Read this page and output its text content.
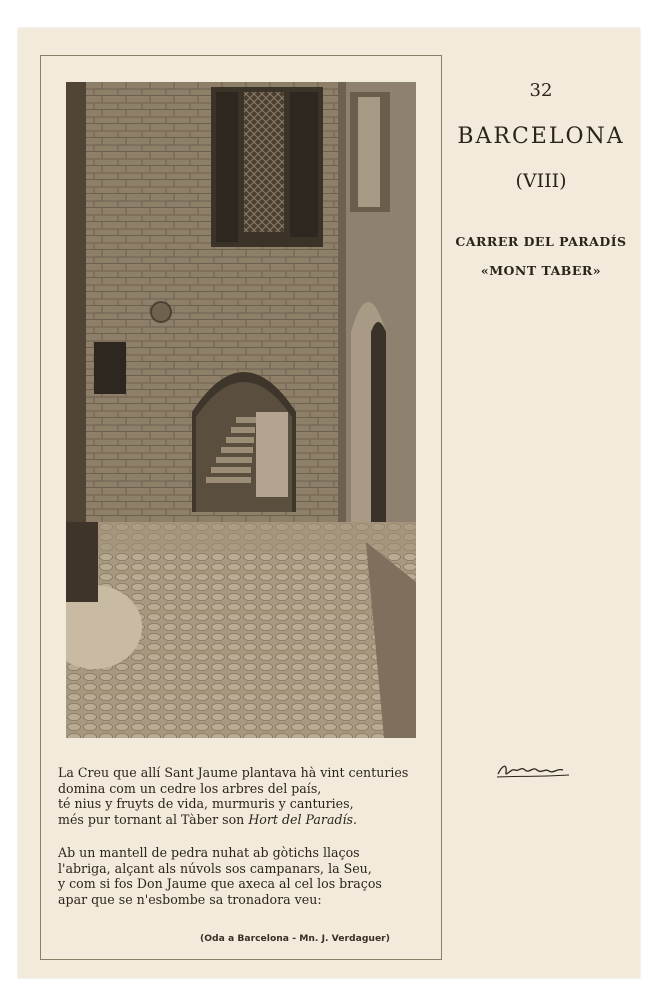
La Creu que allí Sant Jaume plantava hà vint centuries
domina com un cedre los arbres del país,
té nius y fruyts de vida, murmuris y canturies,
més pur tornant al Tàber son Hort del Paradís.
Ab un mantell de pedra nuhat ab gòtichs llaços
l'abriga, alçant als núvols sos campanars, la Seu,
y com si fos Don Jaume que axeca al cel los braços
apar que se n'esbombe sa tronadora veu:
(Oda a Barcelona - Mn. J. Verdaguer)
32
BARCELONA
(VIII)
CARRER DEL PARADÍS
«MONT TABER»
